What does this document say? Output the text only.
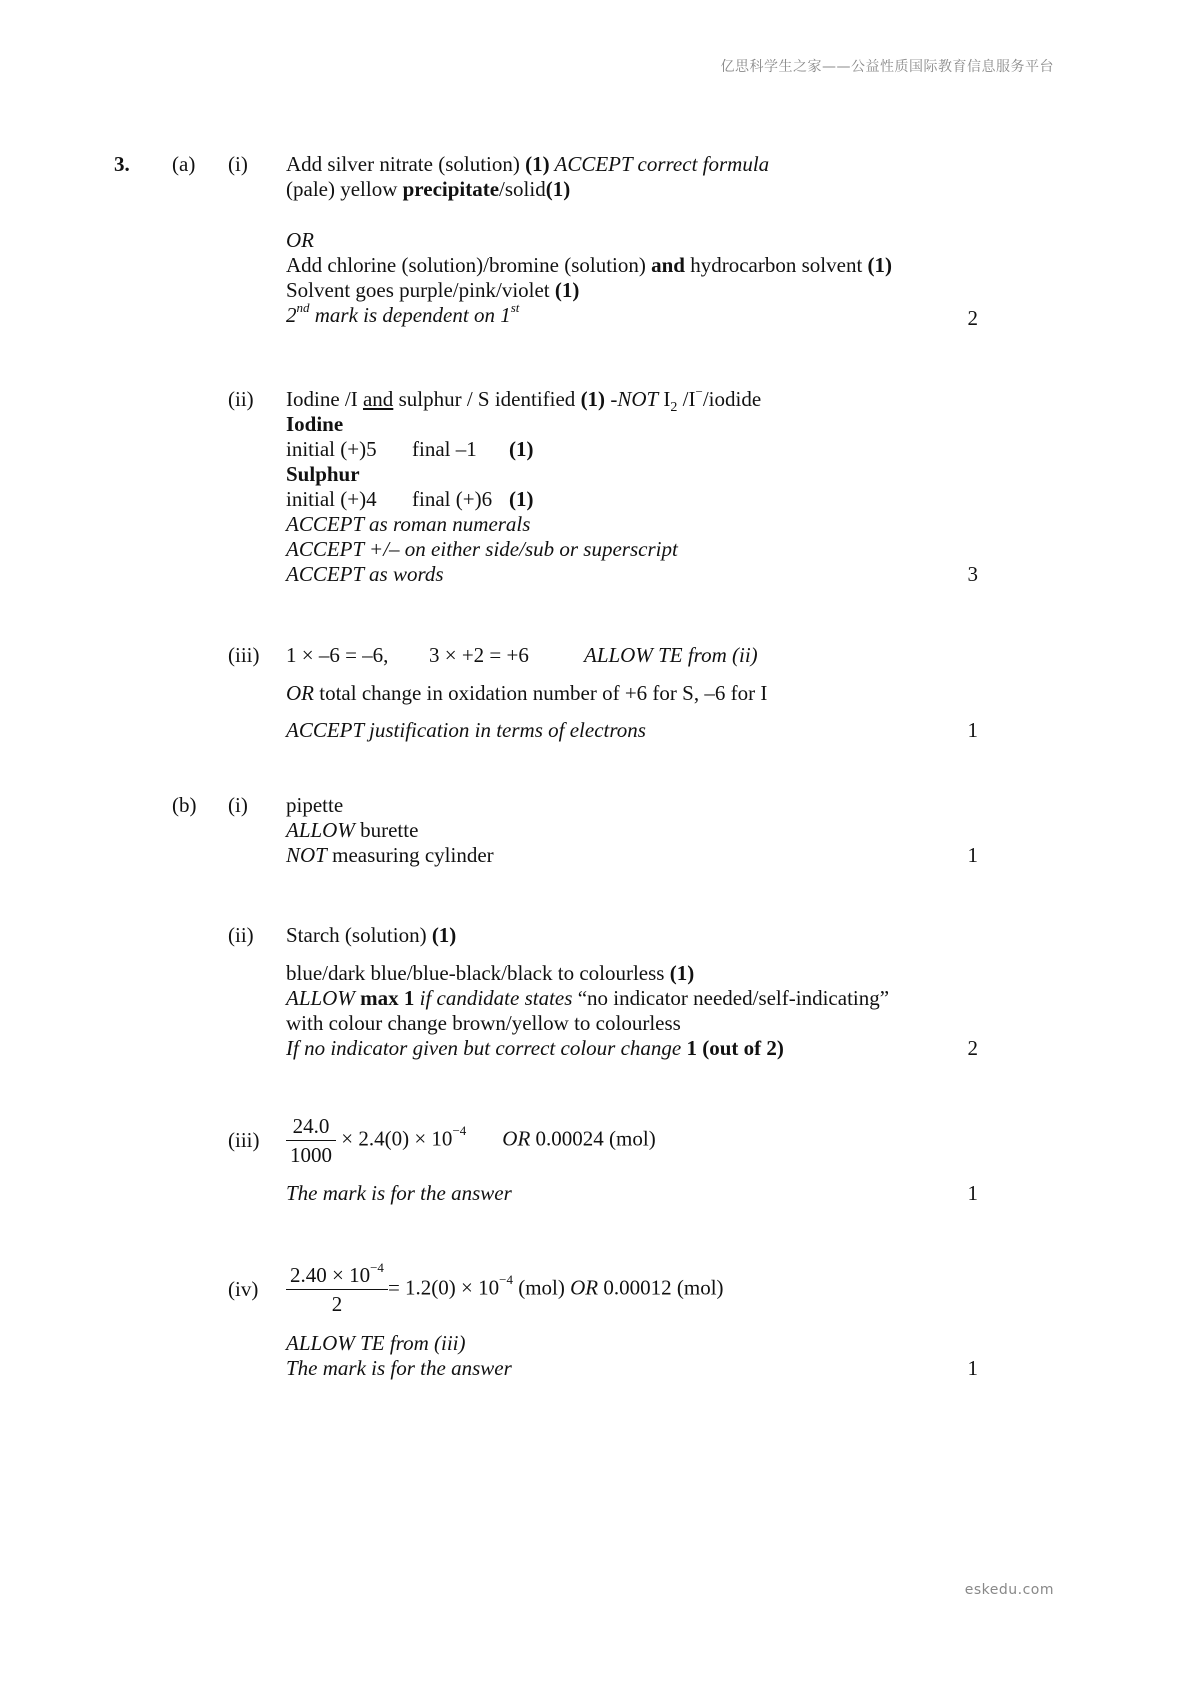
亿思科学生之家——公益性质国际教育信息服务平台
3. (a) (i) Add silver nitrate (solution) (1) ACCEPT correct formula
(pale) yellow precipitate/solid(1)
OR
Add chlorine (solution)/bromine (solution) and hydrocarbon solvent (1)
Solvent goes purple/pink/violet (1)
2nd mark is dependent on 1st	2
(ii) Iodine /I and sulphur / S identified (1) -NOT $I_2$ /I−/iodide
Iodine
initial (+)5 final –1 (1)
Sulphur
initial (+)4 final (+)6 (1)
ACCEPT as roman numerals
ACCEPT +/– on either side/sub or superscript
ACCEPT as words	3
(iii) 1 × –6 = –6, 3 × +2 = +6	ALLOW TE from (ii)
OR total change in oxidation number of +6 for S, –6 for I
ACCEPT justification in terms of electrons	1
(b) (i) pipette
ALLOW burette
NOT measuring cylinder	1
(ii) Starch (solution) (1)
blue/dark blue/blue-black/black to colourless (1)
ALLOW max 1 if candidate states “no indicator needed/self-indicating”
with colour change brown/yellow to colourless
If no indicator given but correct colour change 1 (out of 2)	2
$(iii) \frac{24.0}{1000} \times 2.4(0) \times 10^{-4}$ OR 0.00024 (mol)
The mark is for the answer	1
$(iv) \frac{2.40 \times 10^{-4}}{2} = 1.2(0) \times 10^{-4}$ (mol) OR 0.00012 (mol)
ALLOW TE from (iii)
The mark is for the answer	1
eskedu.com
